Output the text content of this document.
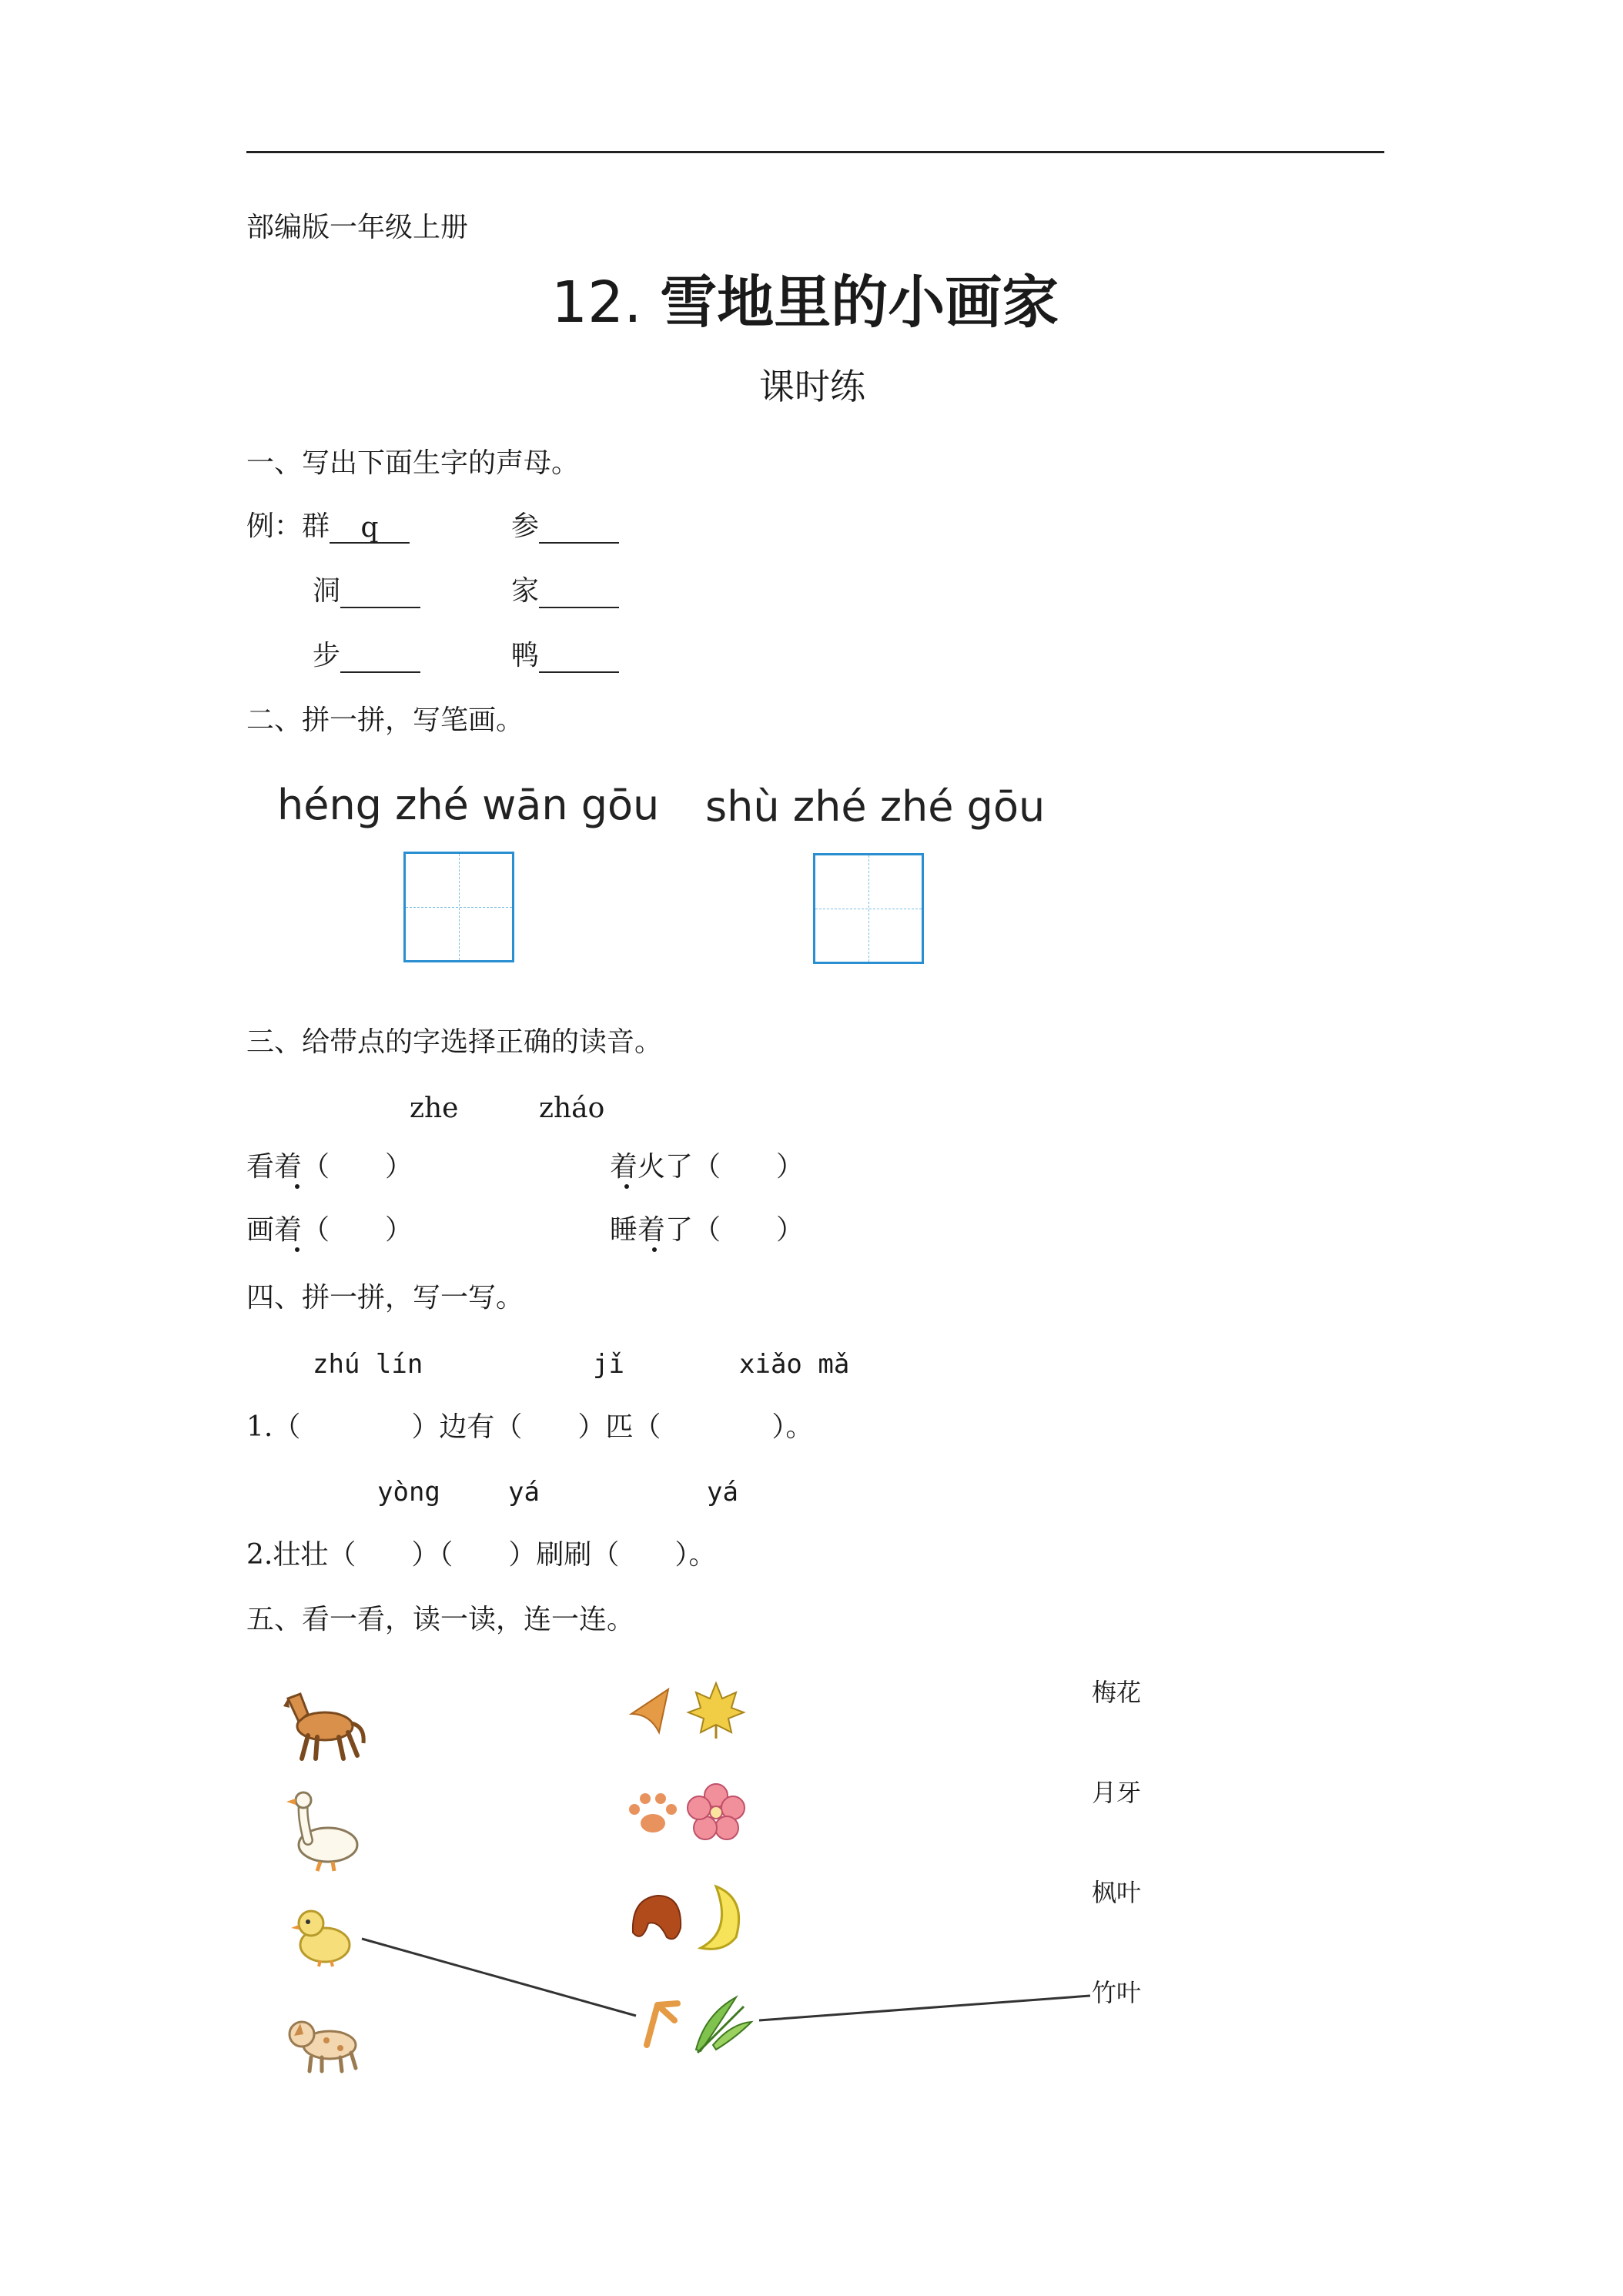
部编版一年级上册
12. 雪地里的小画家
课时练
一、写出下面生字的声母。
例：群 q	参
洞	家
步	鸭
二、拼一拼，写笔画。
héng zhé wān gōu shù zhé zhé gōu
三、给带点的字选择正确的读音。
zhe	zháo
看着（　　）	着火了（　　）
画着（　　）	睡着了（　　）
四、拼一拼，写一写。
zhú lín	jǐ	xiǎo mǎ
1.（　　　　）边有（　　）匹（　　　　）。
yòng	yá	yá
2.壮壮（　　）（　　）刷刷（　　）。
五、看一看，读一读，连一连。
梅花
月牙
枫叶
竹叶
